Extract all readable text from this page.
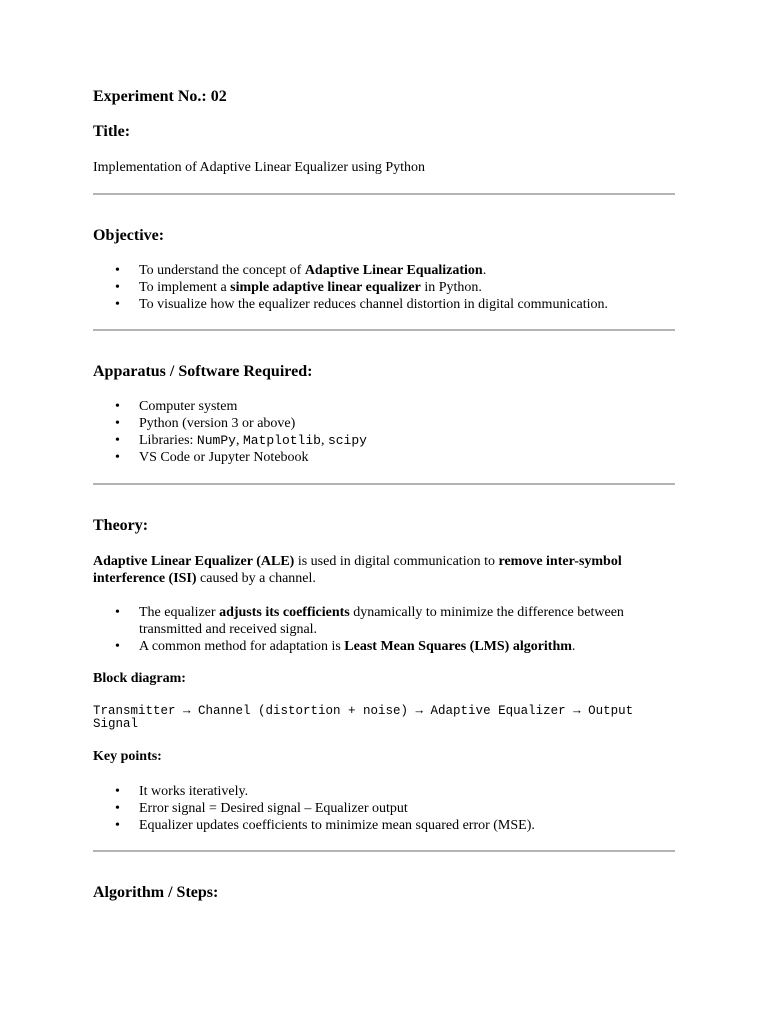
Experiment No.: 02
Title:

Implementation of Adaptive Linear Equalizer using Python

Objective:
• To understand the concept of Adaptive Linear Equalization.
• To implement a simple adaptive linear equalizer in Python.
• To visualize how the equalizer reduces channel distortion in digital communication.
Apparatus / Software Required:
• Computer system
• Python (version 3 or above)
• Libraries: NumPy, Matplotlib, scipy
• VS Code or Jupyter Notebook
Theory:

Adaptive Linear Equalizer (ALE) is used in digital communication to remove inter-symbol interference (ISI) caused by a channel.

• The equalizer adjusts its coefficients dynamically to minimize the difference between transmitted and received signal.
• A common method for adaptation is Least Mean Squares (LMS) algorithm.
Block diagram:

Transmitter → Channel (distortion + noise) → Adaptive Equalizer → Output Signal

Key points:
• It works iteratively.
• Error signal = Desired signal – Equalizer output
• Equalizer updates coefficients to minimize mean squared error (MSE).
Algorithm / Steps:
